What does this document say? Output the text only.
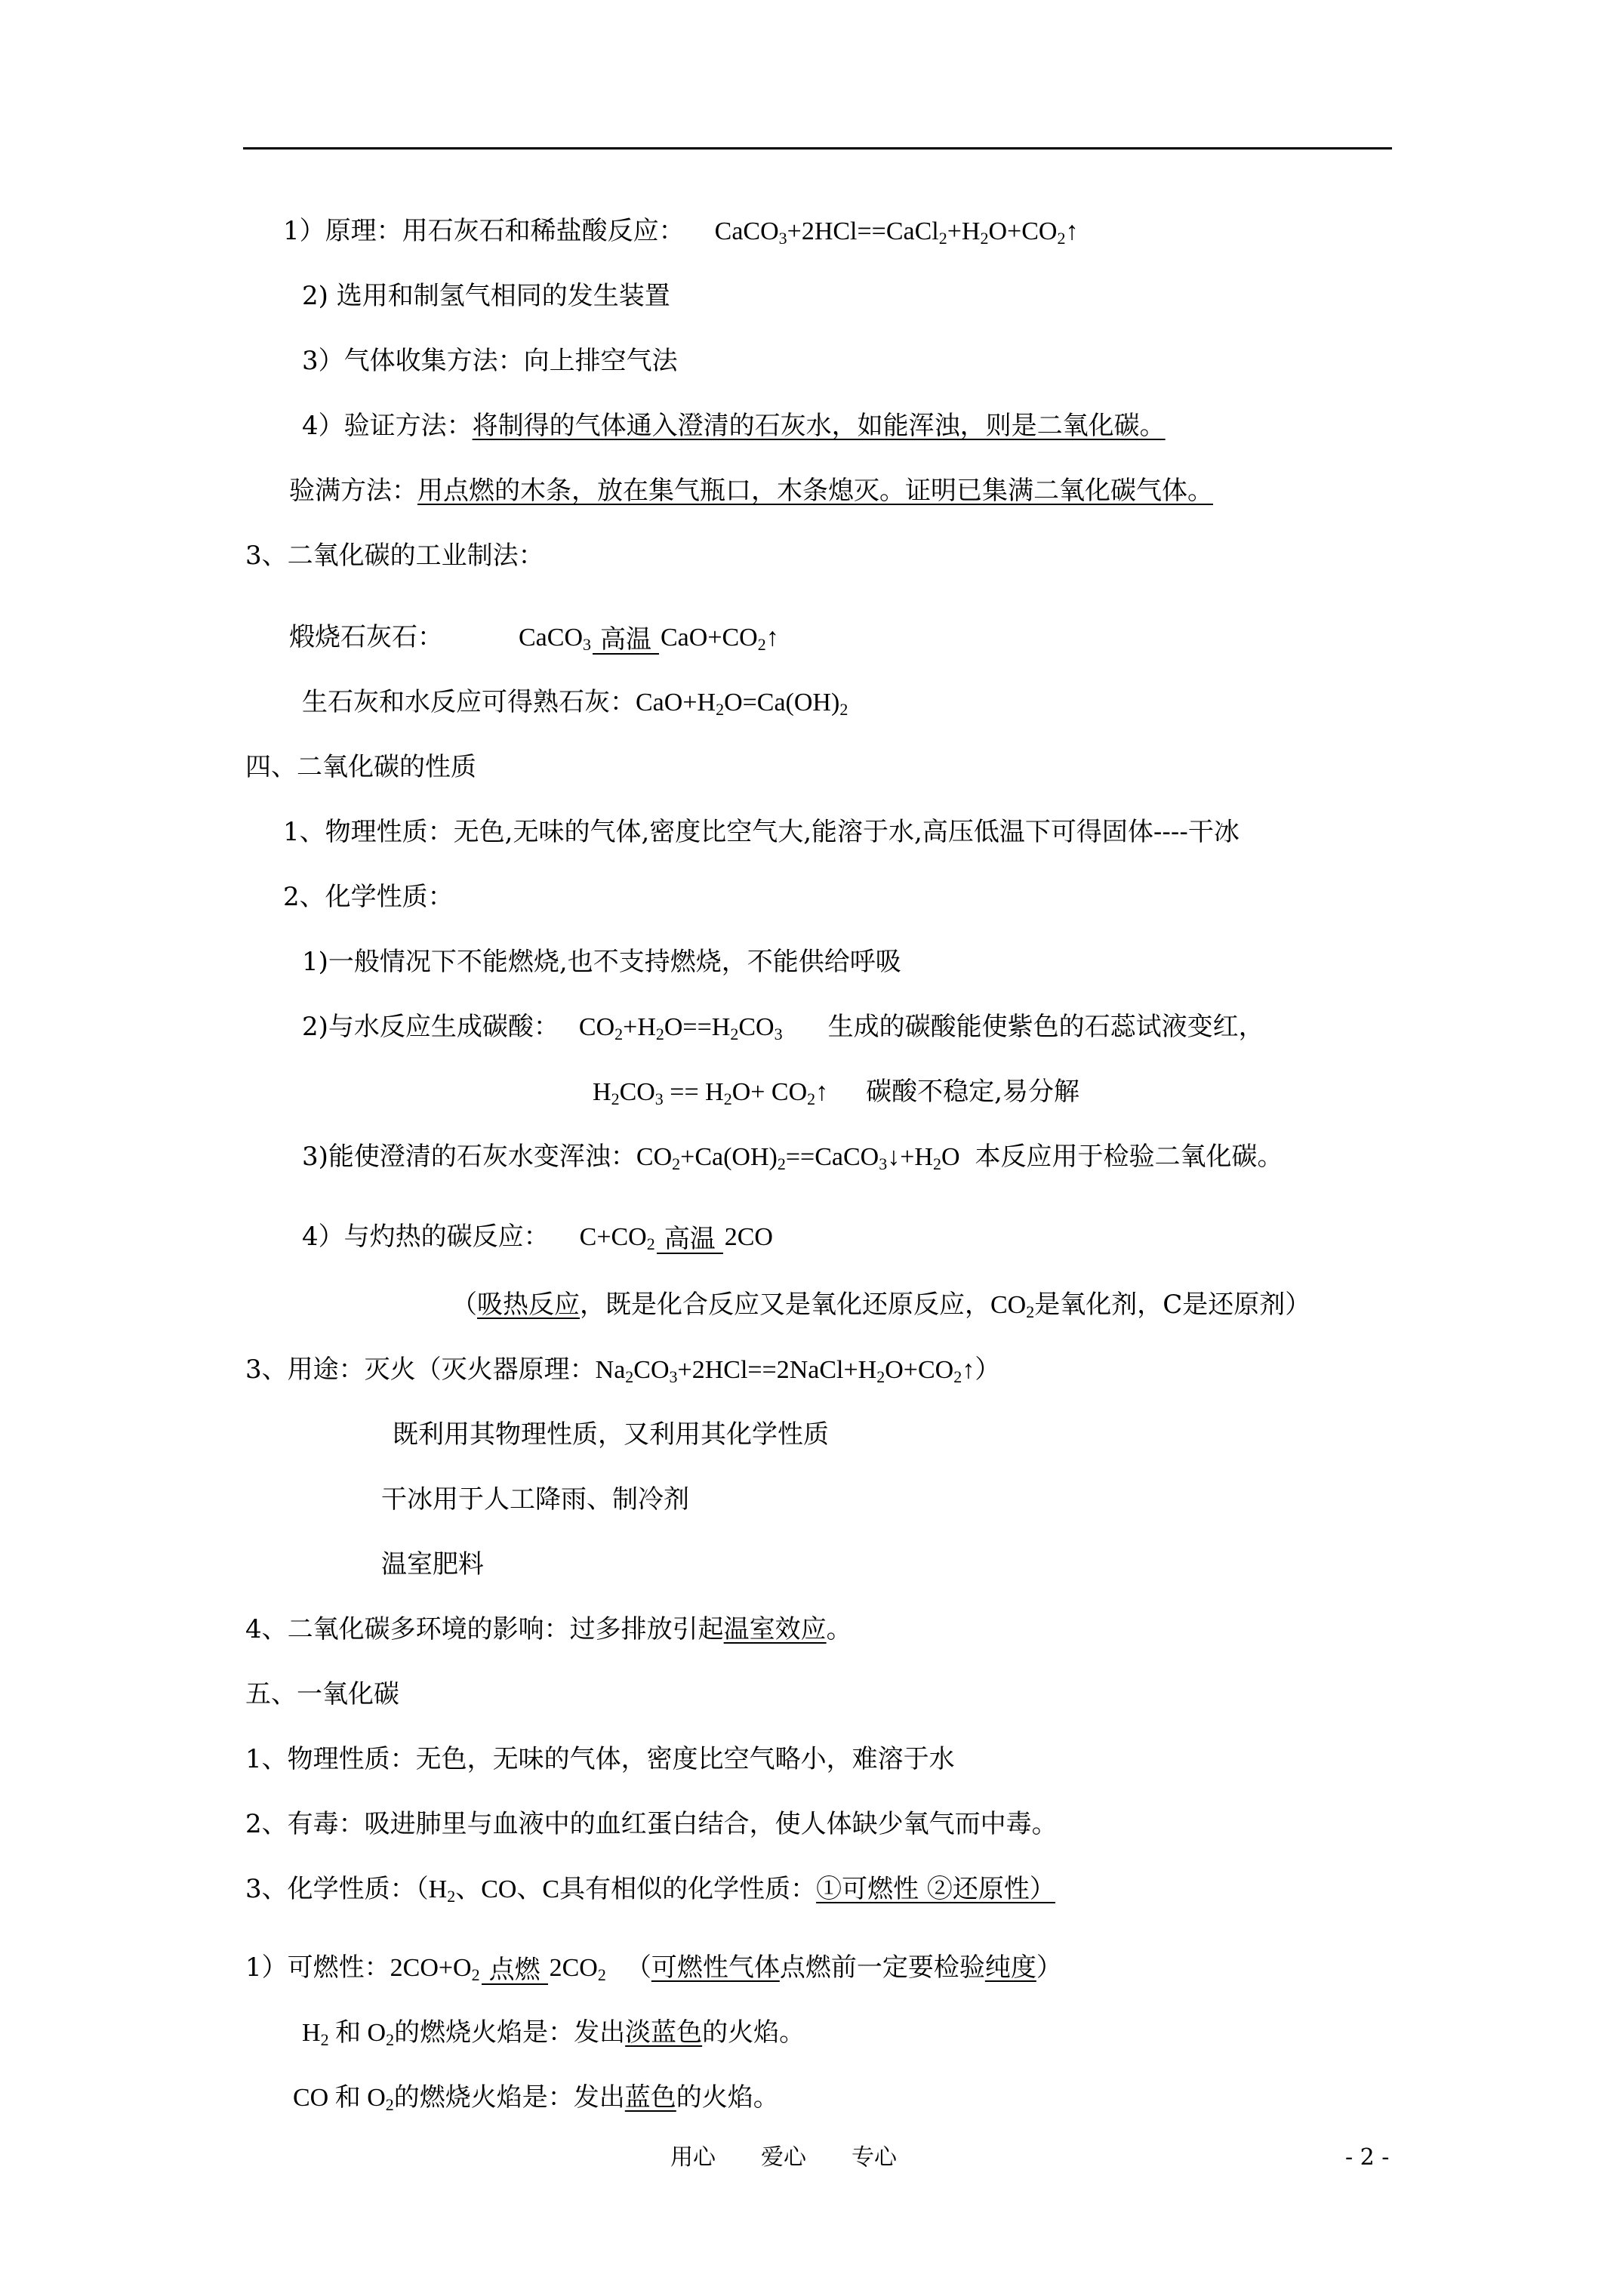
1）原理：用石灰石和稀盐酸反应： $CaCO_3+2HCl==CaCl_2+H_2O+CO_2↑$
2) 选用和制氢气相同的发生装置
3）气体收集方法：向上排空气法
4）验证方法：将制得的气体通入澄清的石灰水，如能浑浊，则是二氧化碳。
验满方法：用点燃的木条，放在集气瓶口，木条熄灭。证明已集满二氧化碳气体。
3、二氧化碳的工业制法：
煅烧石灰石：	CaCO$_3$ 高温 $CaO+CO_2↑$
生石灰和水反应可得熟石灰：$CaO+H_2O=Ca(OH)_2$
四、二氧化碳的性质
1、物理性质：无色,无味的气体,密度比空气大,能溶于水,高压低温下可得固体----干冰
2、化学性质：
1)一般情况下不能燃烧,也不支持燃烧，不能供给呼吸
2)与水反应生成碳酸： $CO_2+H_2O==H_2CO_3$ 生成的碳酸能使紫色的石蕊试液变红，
$H_2CO_3 == H_2O+$ $CO_2↑$ 碳酸不稳定,易分解
3)能使澄清的石灰水变浑浊：$CO_2+Ca(OH)_2==CaCO_3↓+H_2O$ 本反应用于检验二氧化碳。
4）与灼热的碳反应： $C+CO_2$ 高温 2CO
（吸热反应，既是化合反应又是氧化还原反应，$CO_2$是氧化剂，C是还原剂）
3、用途：灭火（灭火器原理：$Na_2CO_3+2HCl==2NaCl+H_2O+CO_2↑$）
既利用其物理性质，又利用其化学性质
干冰用于人工降雨、制冷剂
温室肥料
4、二氧化碳多环境的影响：过多排放引起温室效应。
五、一氧化碳
1、物理性质：无色，无味的气体，密度比空气略小，难溶于水
2、有毒：吸进肺里与血液中的血红蛋白结合，使人体缺少氧气而中毒。
3、化学性质：（$H_2$、CO、C具有相似的化学性质：①可燃性 ②还原性）
1）可燃性：$2CO+O_2$ 点燃 $2CO_2$ （可燃性气体点燃前一定要检验纯度）
$H_2$ 和 $O_2$的燃烧火焰是：发出淡蓝色的火焰。
CO 和 $O_2$的燃烧火焰是：发出蓝色的火焰。
用心　　爱心　　专心	- 2 -
